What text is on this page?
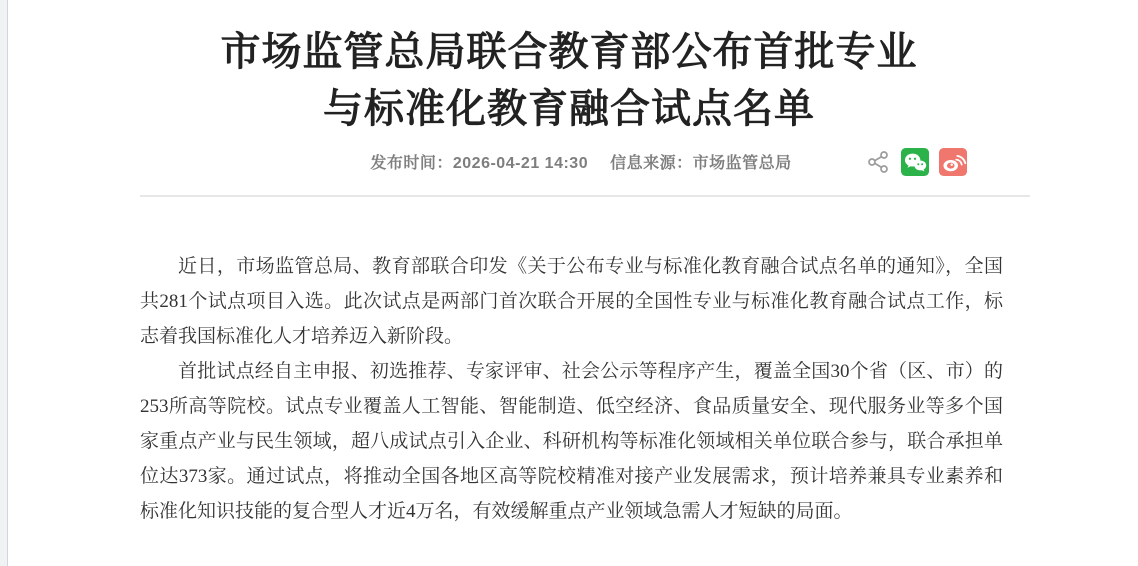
市场监管总局联合教育部公布首批专业
与标准化教育融合试点名单
发布时间：2026-04-21 14:30 信息来源：市场监管总局

近日，市场监管总局、教育部联合印发《关于公布专业与标准化教育融合试点名单的通知》，全国共281个试点项目入选。此次试点是两部门首次联合开展的全国性专业与标准化教育融合试点工作，标志着我国标准化人才培养迈入新阶段。

首批试点经自主申报、初选推荐、专家评审、社会公示等程序产生，覆盖全国30个省（区、市）的253所高等院校。试点专业覆盖人工智能、智能制造、低空经济、食品质量安全、现代服务业等多个国家重点产业与民生领域，超八成试点引入企业、科研机构等标准化领域相关单位联合参与，联合承担单位达373家。通过试点，将推动全国各地区高等院校精准对接产业发展需求，预计培养兼具专业素养和标准化知识技能的复合型人才近4万名，有效缓解重点产业领域急需人才短缺的局面。
